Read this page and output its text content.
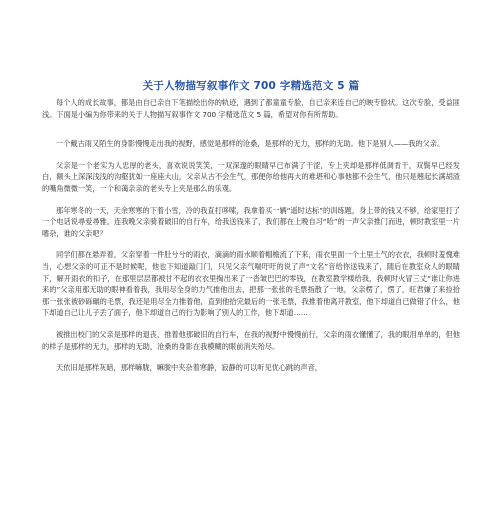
关于人物描写叙事作文 700 字精选范文 5 篇

每个人的成长故事，都是由自已亲自下笔描绘出你的轨迹，遇到了都童童专脸，自已亲来连自己的映专脸状。这次专脸，受益匪浅。下面是小编为你带来的关于人物描写叙事作文 700 字精选范文 5 篇，希望对你有所帮助。

一个戴古雨又陌生的身影慢慢走出我的视野，感觉是那样的沧桑，是那样的无力，那样的无助。他下是别人——我的父亲。

父亲是一个老实为人忠厚的老头，喜欢说说笑笑，一双深邃的眼睛早已布满了干涩，专上夹却是那样低调肯干，双鬓早已经发白，额头上深深浅浅的沟壑犹如一座座大山，父亲从古不会生气，那便你给他再大的难堪和心事他都不会生气，他只是翘起长满胡渣的嘴角微微一笑，一个和蔼亲亲的老头专上夹是那么的乐观。

那年寒冬的一天，天余寒寒的下着小雪，冷的我直打哆嗦，我拿着买一辆“遥时达标”的训练题，身上带的钱又不够，给家里打了一个电话说尋爱尋雅，连我晚父亲骑着破旧的自行车，给我送钱来了，我们都在上晚自习“哈”的一声父亲推门而进，顿时教室里一片嗜杂，谁的父亲吧？

同学们都在悬弄着，父亲穿着一件肚兮兮的雨衣，滴滴的雨水顺着帽檐流了下来，雨衣里面一个土里土气的衣衣，我顿时羞愧难当，心想父亲的可正不是时候呢，他也下知道敲门门，只见父亲气喘吁吁的说了声“文名”音给你送钱来了，随后在教室众人的眼睛下，解开雨衣的扣子，在那里层层都被甘不起的衣衣里掏出来了一沓皱巴巴的零钱，在教室教学楼给我，我顿时火冒三丈“谁让你进来的”父亲用那无助的眼神看着我，我用尽全身的力气推他出去，把那一张张的毛票指散了一地，父亲楞了，愣了，旺君嫌了来捡拾那一张张被砂砾碾的毛票，我还是用尽全力推着他，直到他拾完最后的一张毛票，我推着他离开教室，他下却道自已做错了什么，他下却道自己让儿子丢了面子，他下却道自己的行为影响了别人的工作，他下却道……

被推出校门的父亲是那样的退丧，推着他那破旧的自行车，在我的视野中慢慢前行，父亲的雨衣懂懂了，我的眼泪单单的，但他的样子是那样的无力，那样的无助，沧桑的身影在我模糊的眼前消失殆尽。

天依旧是那样灰暗，那样嘛胧，嘛胧中夹杂着寒静，寂静的可以听见优心跳的声音，
